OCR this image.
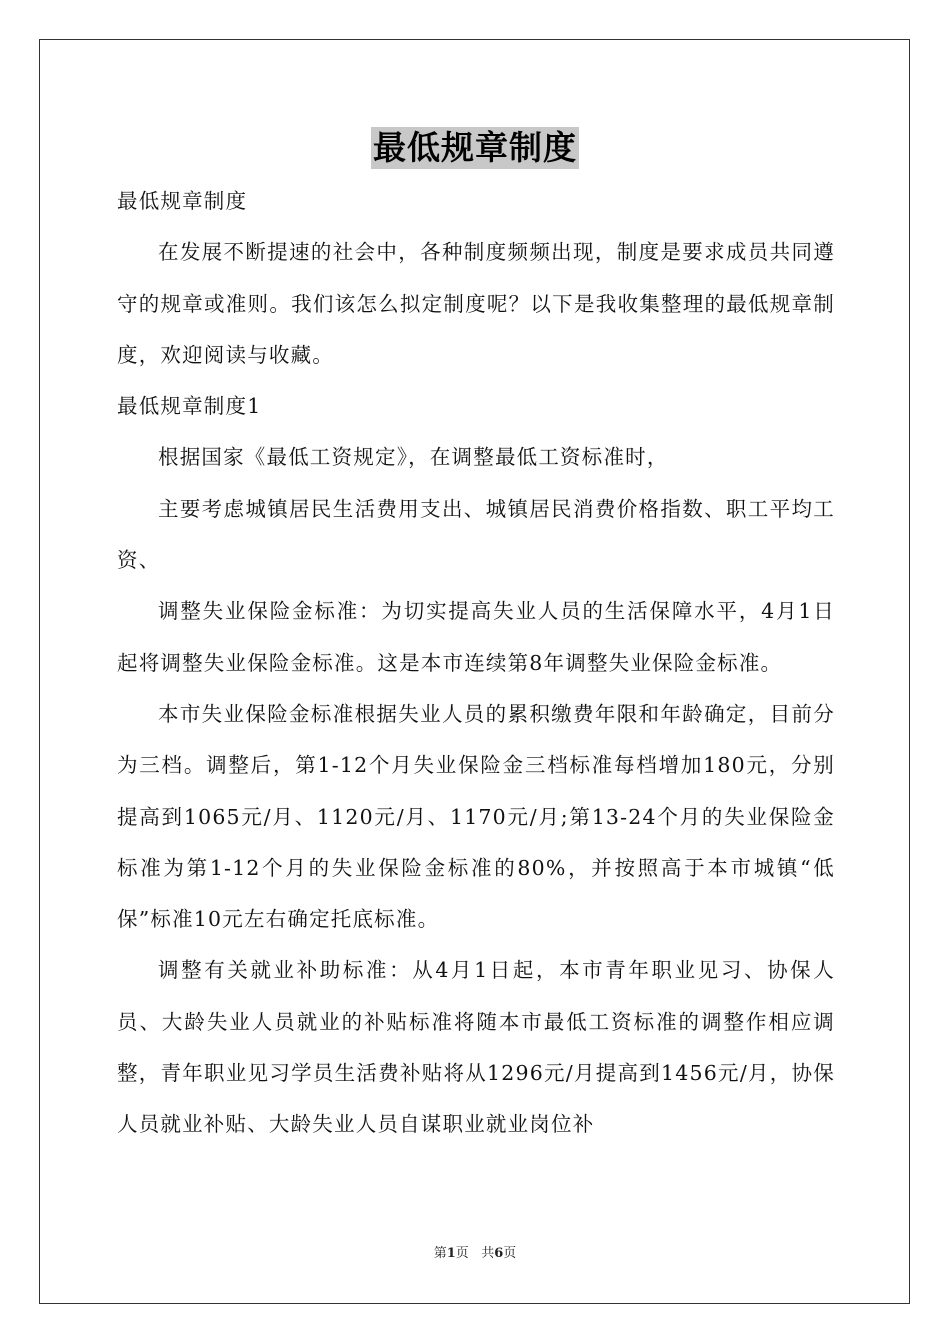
最低规章制度

最低规章制度

在发展不断提速的社会中，各种制度频频出现，制度是要求成员共同遵守的规章或准则。我们该怎么拟定制度呢？以下是我收集整理的最低规章制度，欢迎阅读与收藏。

最低规章制度1

根据国家《最低工资规定》，在调整最低工资标准时，

主要考虑城镇居民生活费用支出、城镇居民消费价格指数、职工平均工资、

调整失业保险金标准：为切实提高失业人员的生活保障水平，4月1日起将调整失业保险金标准。这是本市连续第8年调整失业保险金标准。

本市失业保险金标准根据失业人员的累积缴费年限和年龄确定，目前分为三档。调整后，第1-12个月失业保险金三档标准每档增加180元，分别提高到1065元/月、1120元/月、1170元/月;第13-24个月的失业保险金标准为第1-12个月的失业保险金标准的80%，并按照高于本市城镇“低保”标准10元左右确定托底标准。

调整有关就业补助标准：从4月1日起，本市青年职业见习、协保人员、大龄失业人员就业的补贴标准将随本市最低工资标准的调整作相应调整，青年职业见习学员生活费补贴将从1296元/月提高到1456元/月，协保人员就业补贴、大龄失业人员自谋职业就业岗位补

第1页 共6页
